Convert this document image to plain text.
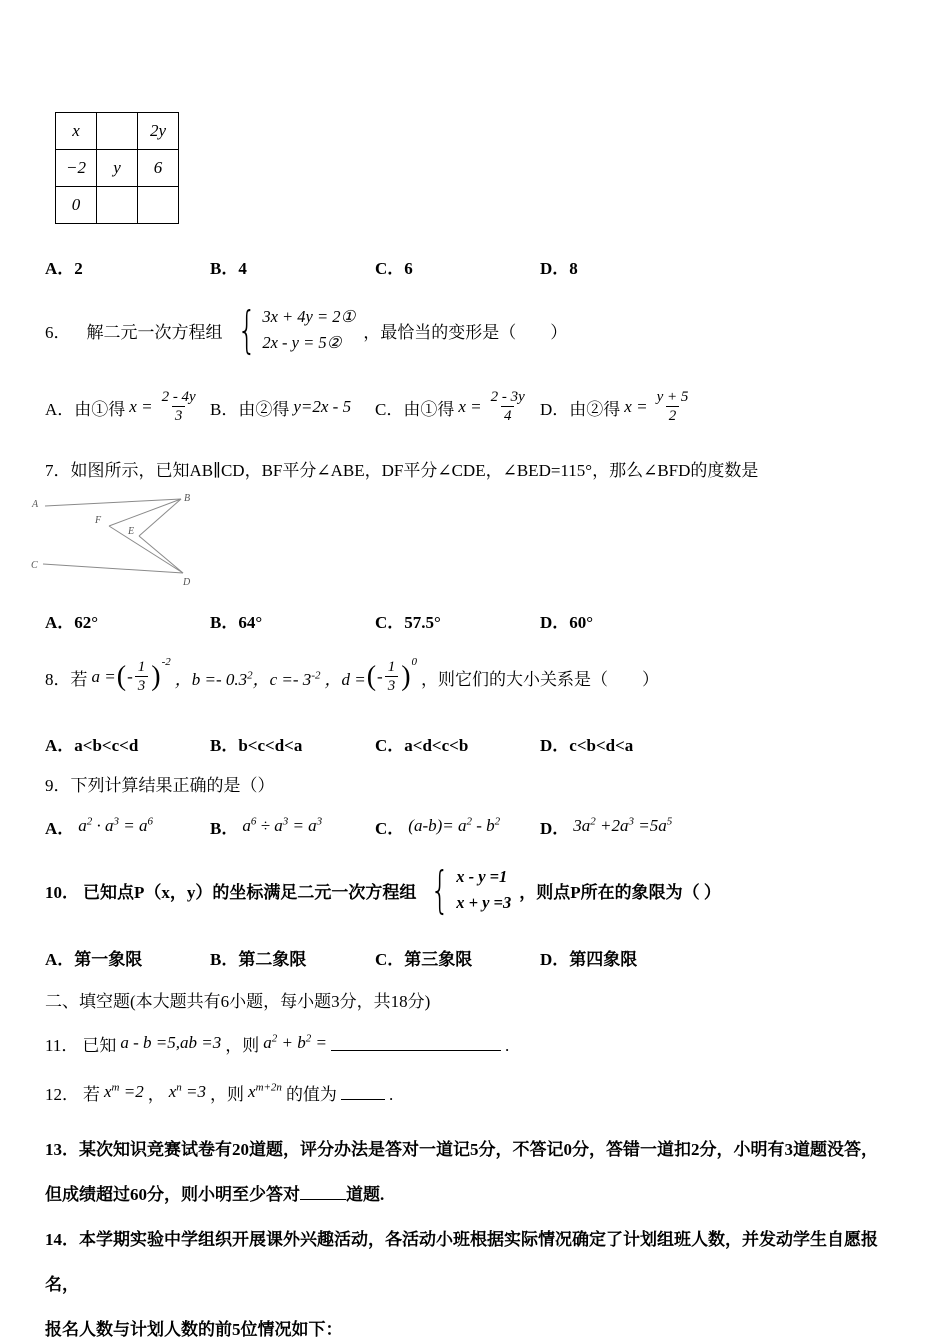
x		2y
−2	y	6
0		
A．2	B．4	C．6	D．8
6． 解二元一次方程组 { 3x + 4y = 2①
2x - y = 5②
，最恰当的变形是（　　）
A．由①得 $x = \frac{2 - 4y}{3}$ B．由②得 y=2x - 5 C．由①得 $x = \frac{2 - 3y}{4}$ D．由②得 $x = \frac{y + 5}{2}$
7．如图所示，已知AB∥CD，BF平分∠ABE，DF平分∠CDE，∠BED=115°，那么∠BFD的度数是
A
B
C
D
E
F
A．62°	B．64°	C．57.5°	D．60°
8．若 a = ( - $\frac{1}{3}$ ) -2
，$b =- 0.3^2$，$c =- 3^{-2}$ ，d = ( - $\frac{1}{3}$ ) 0
，则它们的大小关系是（　　）
A．a<b<c<d	B．b<c<d<a	C．a<d<c<b	D．c<b<d<a
9．下列计算结果正确的是（）
A． $a^2 \cdot a^3 = a^6$	B． $a^6 \div a^3 = a^3$	C． $(a-b)= a^2 - b^2$ D． $3a^2 +2a^3 =5a^5$
10． 已知点P（x，y）的坐标满足二元一次方程组 { x - y =1
x + y =3
，则点P所在的象限为（ ）
A．第一象限	B．第二象限	C．第三象限	D．第四象限
二、填空题(本大题共有6小题，每小题3分，共18分)
11． 已知 a - b =5,ab =3 ，则 $a^2 + b^2$ =	.
12． 若 $x^m =2$ ， $x^n =3$ ，则 $x^{m+2n}$ 的值为	.
13．某次知识竞赛试卷有20道题，评分办法是答对一道记5分，不答记0分，答错一道扣2分，小明有3道题没答，
但成绩超过60分，则小明至少答对	道题.
14．本学期实验中学组织开展课外兴趣活动，各活动小班根据实际情况确定了计划组班人数，并发动学生自愿报名，
报名人数与计划人数的前5位情况如下：
